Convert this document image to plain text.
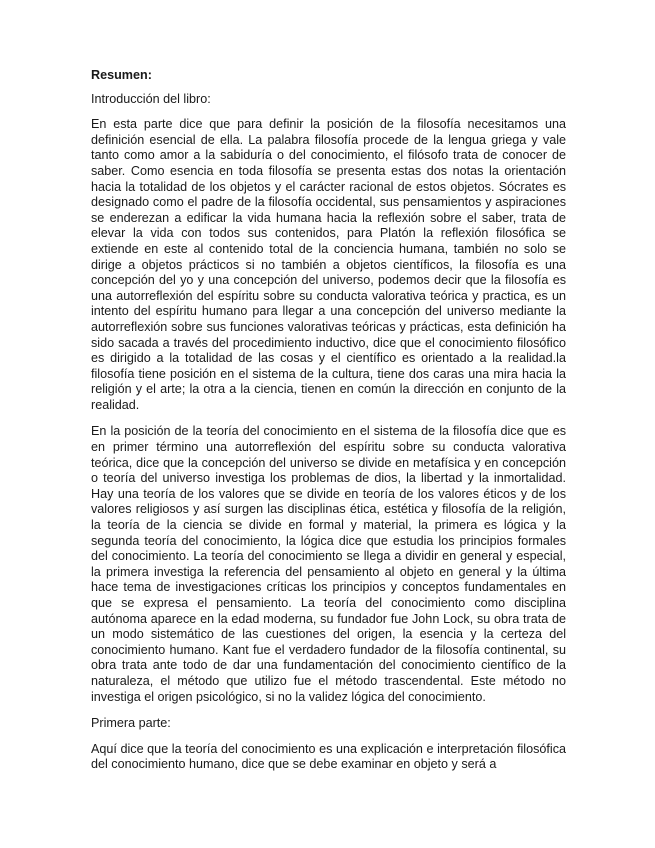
Resumen:

Introducción del libro:

En esta parte dice que para definir la posición de la filosofía necesitamos una definición esencial de ella. La palabra filosofía procede de la lengua griega y vale tanto como amor a la sabiduría o del conocimiento, el filósofo trata de conocer de saber. Como esencia en toda filosofía se presenta estas dos notas la orientación hacia la totalidad de los objetos y el carácter racional de estos objetos. Sócrates es designado como el padre de la filosofía occidental, sus pensamientos y aspiraciones se enderezan a edificar la vida humana hacia la reflexión sobre el saber, trata de elevar la vida con todos sus contenidos, para Platón la reflexión filosófica se extiende en este al contenido total de la conciencia humana, también no solo se dirige a objetos prácticos si no también a objetos científicos, la filosofía es una concepción del yo y una concepción del universo, podemos decir que la filosofía es una autorreflexión del espíritu sobre su conducta valorativa teórica y practica, es un intento del espíritu humano para llegar a una concepción del universo mediante la autorreflexión sobre sus funciones valorativas teóricas y prácticas, esta definición ha sido sacada a través del procedimiento inductivo, dice que el conocimiento filosófico es dirigido a la totalidad de las cosas y el científico es orientado a la realidad.la filosofía tiene posición en el sistema de la cultura, tiene dos caras una mira hacia la religión y el arte; la otra a la ciencia, tienen en común la dirección en conjunto de la realidad.

En la posición de la teoría del conocimiento en el sistema de la filosofía dice que es en primer término una autorreflexión del espíritu sobre su conducta valorativa teórica, dice que la concepción del universo se divide en metafísica y en concepción o teoría del universo investiga los problemas de dios, la libertad y la inmortalidad. Hay una teoría de los valores que se divide en teoría de los valores éticos y de los valores religiosos y así surgen las disciplinas ética, estética y filosofía de la religión, la teoría de la ciencia se divide en formal y material, la primera es lógica y la segunda teoría del conocimiento, la lógica dice que estudia los principios formales del conocimiento. La teoría del conocimiento se llega a dividir en general y especial, la primera investiga la referencia del pensamiento al objeto en general y la última hace tema de investigaciones críticas los principios y conceptos fundamentales en que se expresa el pensamiento. La teoría del conocimiento como disciplina autónoma aparece en la edad moderna, su fundador fue John Lock, su obra trata de un modo sistemático de las cuestiones del origen, la esencia y la certeza del conocimiento humano. Kant fue el verdadero fundador de la filosofía continental, su obra trata ante todo de dar una fundamentación del conocimiento científico de la naturaleza, el método que utilizo fue el método trascendental. Este método no investiga el origen psicológico, si no la validez lógica del conocimiento.

Primera parte:

Aquí dice que la teoría del conocimiento es una explicación e interpretación filosófica del conocimiento humano, dice que se debe examinar en objeto y será a
